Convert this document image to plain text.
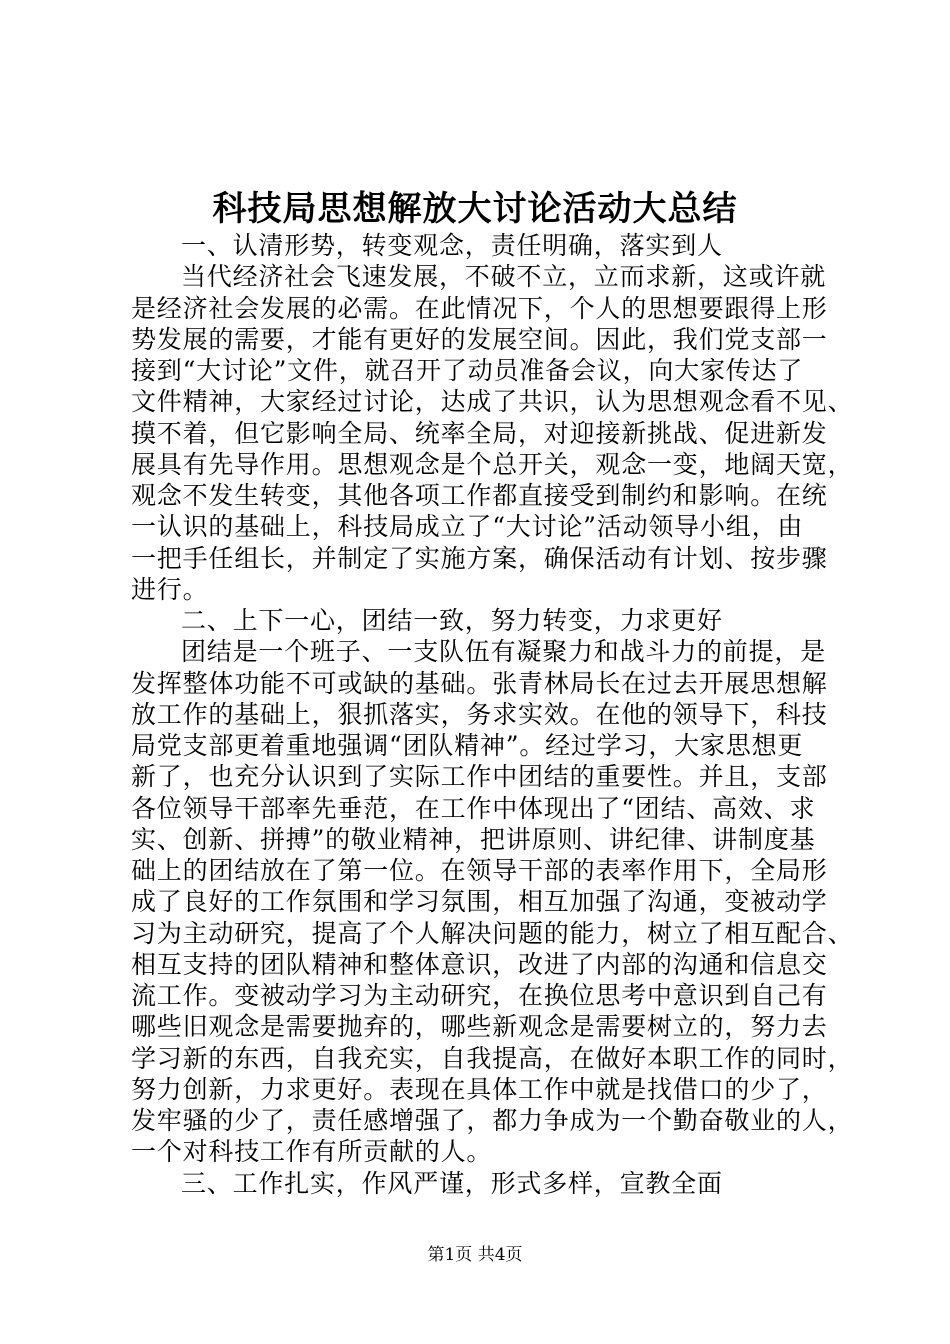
科技局思想解放大讨论活动大总结
一、认清形势，转变观念，责任明确，落实到人
当代经济社会飞速发展，不破不立，立而求新，这或许就
是经济社会发展的必需。在此情况下，个人的思想要跟得上形
势发展的需要，才能有更好的发展空间。因此，我们党支部一
接到“大讨论”文件，就召开了动员准备会议，向大家传达了
文件精神，大家经过讨论，达成了共识，认为思想观念看不见、
摸不着，但它影响全局、统率全局，对迎接新挑战、促进新发
展具有先导作用。思想观念是个总开关，观念一变，地阔天宽，
观念不发生转变，其他各项工作都直接受到制约和影响。在统
一认识的基础上，科技局成立了“大讨论”活动领导小组，由
一把手任组长，并制定了实施方案，确保活动有计划、按步骤
进行。
二、上下一心，团结一致，努力转变，力求更好
团结是一个班子、一支队伍有凝聚力和战斗力的前提，是
发挥整体功能不可或缺的基础。张青林局长在过去开展思想解
放工作的基础上，狠抓落实，务求实效。在他的领导下，科技
局党支部更着重地强调“团队精神”。经过学习，大家思想更
新了，也充分认识到了实际工作中团结的重要性。并且，支部
各位领导干部率先垂范，在工作中体现出了“团结、高效、求
实、创新、拼搏”的敬业精神，把讲原则、讲纪律、讲制度基
础上的团结放在了第一位。在领导干部的表率作用下，全局形
成了良好的工作氛围和学习氛围，相互加强了沟通，变被动学
习为主动研究，提高了个人解决问题的能力，树立了相互配合、
相互支持的团队精神和整体意识，改进了内部的沟通和信息交
流工作。变被动学习为主动研究，在换位思考中意识到自己有
哪些旧观念是需要抛弃的，哪些新观念是需要树立的，努力去
学习新的东西，自我充实，自我提高，在做好本职工作的同时，
努力创新，力求更好。表现在具体工作中就是找借口的少了，
发牢骚的少了，责任感增强了，都力争成为一个勤奋敬业的人，
一个对科技工作有所贡献的人。
三、工作扎实，作风严谨，形式多样，宣教全面
第1页 共4页
